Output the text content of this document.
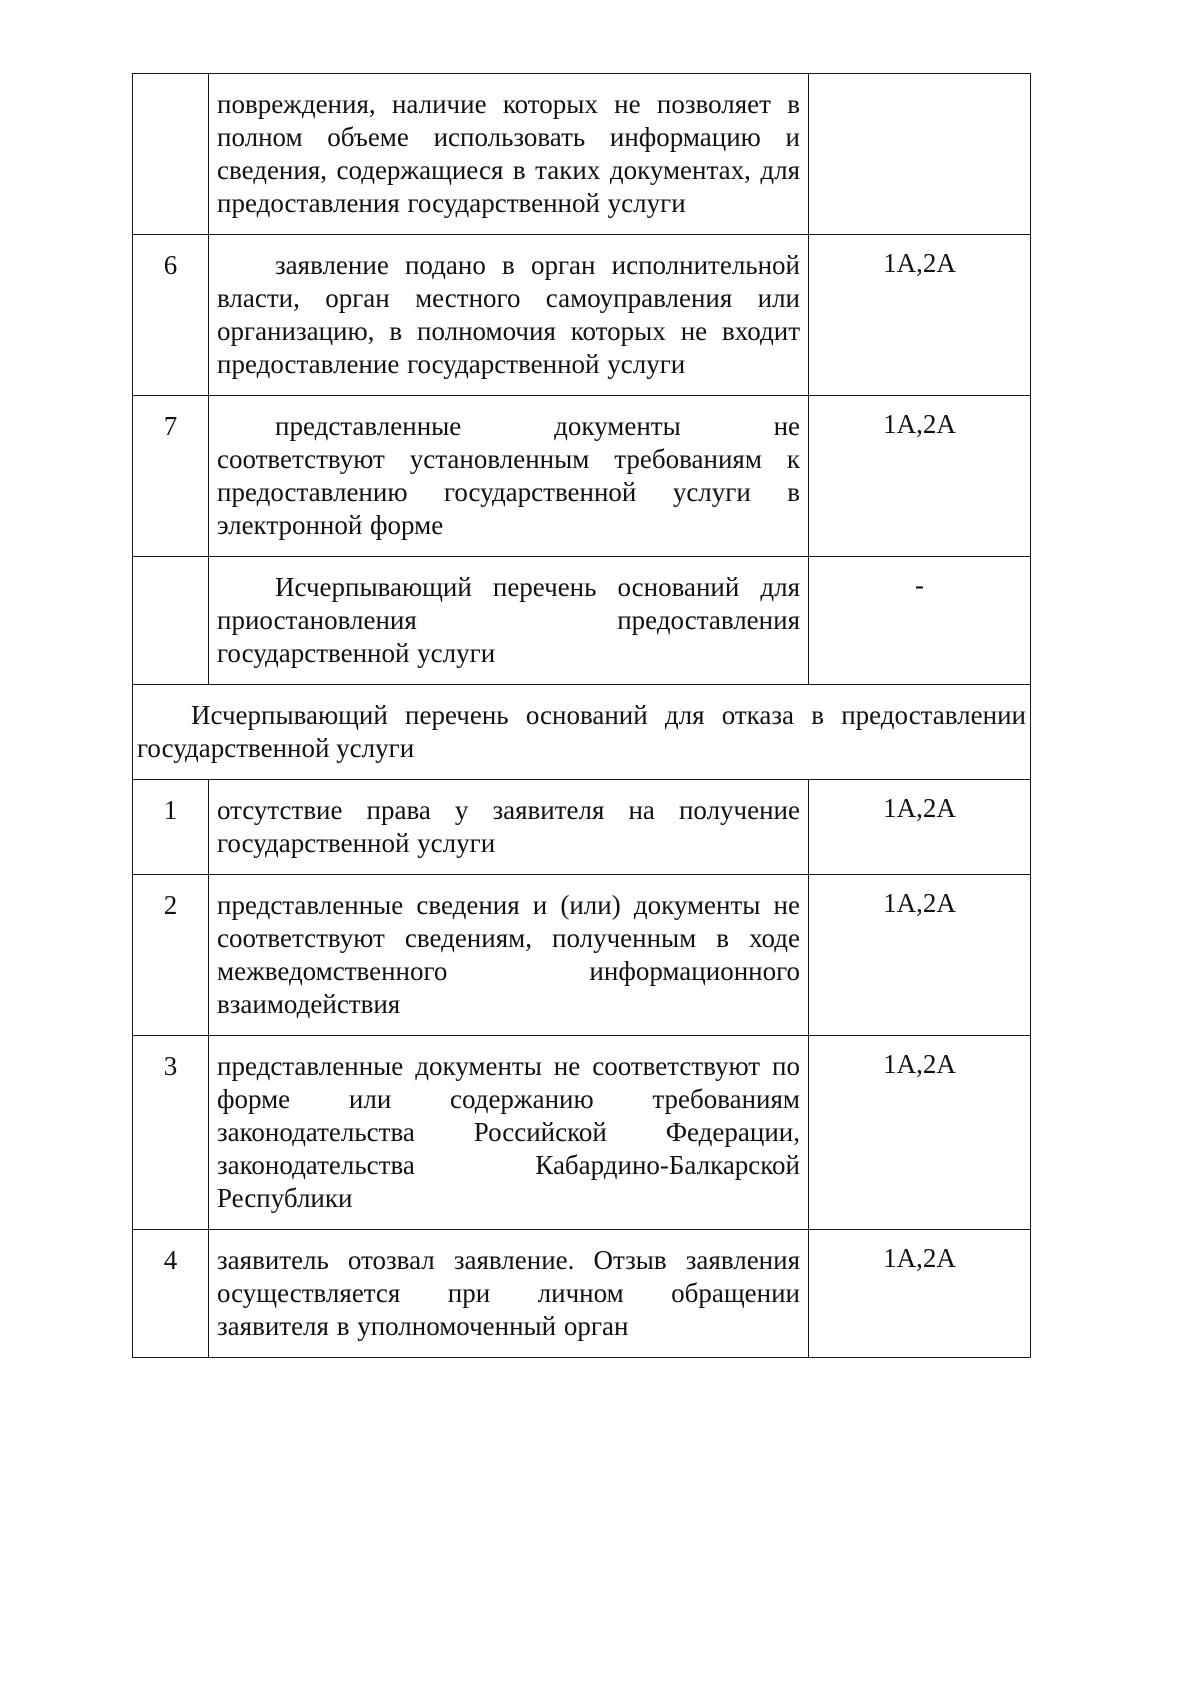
	повреждения, наличие которых не позволяет в полном объеме использовать информацию и сведения, содержащиеся в таких документах, для предоставления государственной услуги	
6	заявление подано в орган исполнительной власти, орган местного самоуправления или организацию, в полномочия которых не входит предоставление государственной услуги	1А,2А
7	представленные документы не соответствуют установленным требованиям к предоставлению государственной услуги в электронной форме	1А,2А
	Исчерпывающий перечень оснований для приостановления предоставления государственной услуги	-
Исчерпывающий перечень оснований для отказа в предоставлении государственной услуги		
1	отсутствие права у заявителя на получение государственной услуги	1А,2А
2	представленные сведения и (или) документы не соответствуют сведениям, полученным в ходе межведомственного информационного взаимодействия	1А,2А
3	представленные документы не соответствуют по форме или содержанию требованиям законодательства Российской Федерации, законодательства Кабардино-Балкарской Республики	1А,2А
4	заявитель отозвал заявление. Отзыв заявления осуществляется при личном обращении заявителя в уполномоченный орган	1А,2А
